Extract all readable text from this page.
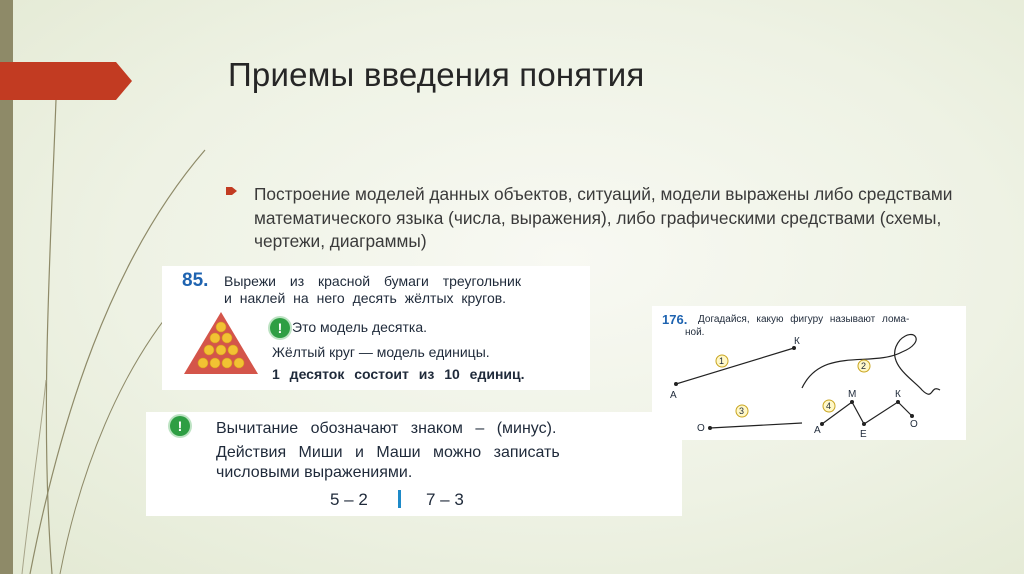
Приемы введения понятия
Построение моделей данных объектов, ситуаций, модели выражены либо средствами математического языка (числа, выражения), либо графическими средствами (схемы, чертежи, диаграммы)
85. Вырежи из красной бумаги треугольник
и наклей на него десять жёлтых кругов.
! Это модель десятка.
Жёлтый круг — модель единицы.
1 десяток состоит из 10 единиц.
176. Догадайся, какую фигуру называют лома-
ной.
1	2
3	4
А
К
О
М	К
А	Е
О
!	Вычитание обозначают знаком – (минус).
Действия Миши и Маши можно записать
числовыми выражениями.
5 – 2	7 – 3
